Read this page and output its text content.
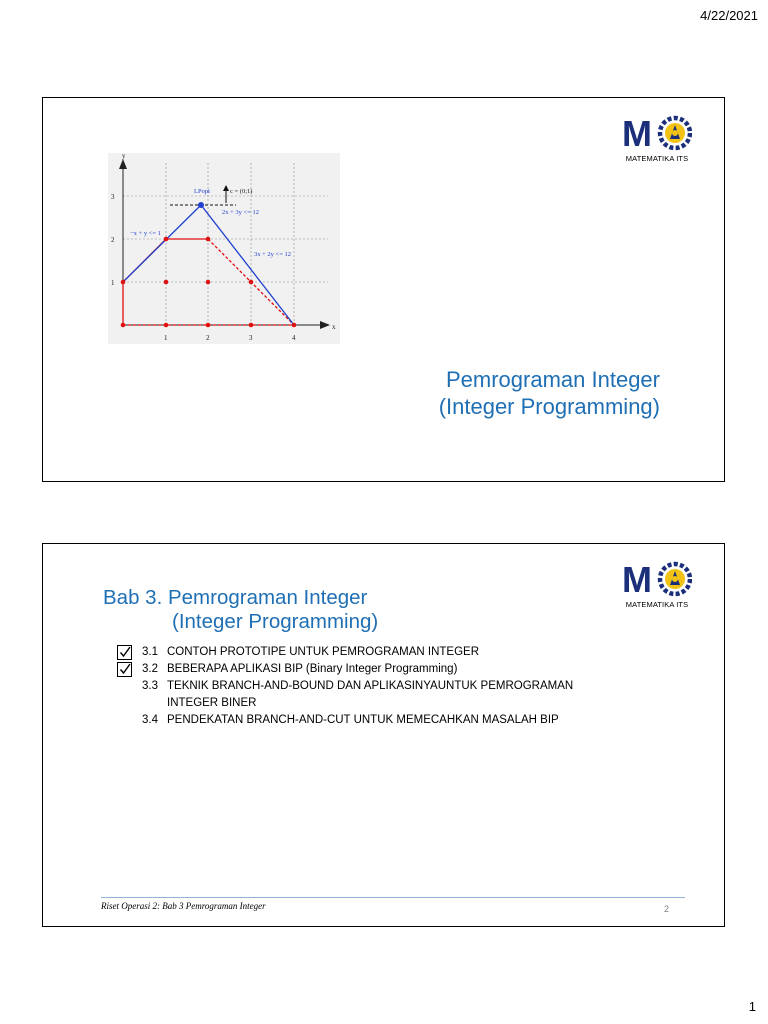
4/22/2021
M
MATEMATIKA ITS
x
y
1	2	3	4
1
2
3
LPopt	c = (0;1)
−x + y <= 1
2x + 3y <= 12
3x + 2y <= 12
Pemrograman Integer
(Integer Programming)
M
MATEMATIKA ITS
Bab 3. Pemrograman Integer
(Integer Programming)
3.1 CONTOH PROTOTIPE UNTUK PEMROGRAMAN INTEGER
3.2 BEBERAPA APLIKASI BIP (Binary Integer Programming)
3.3 TEKNIK BRANCH-AND-BOUND DAN APLIKASINYAUNTUK PEMROGRAMAN
INTEGER BINER
3.4 PENDEKATAN BRANCH-AND-CUT UNTUK MEMECAHKAN MASALAH BIP
Riset Operasi 2: Bab 3 Pemrograman Integer	2
1
